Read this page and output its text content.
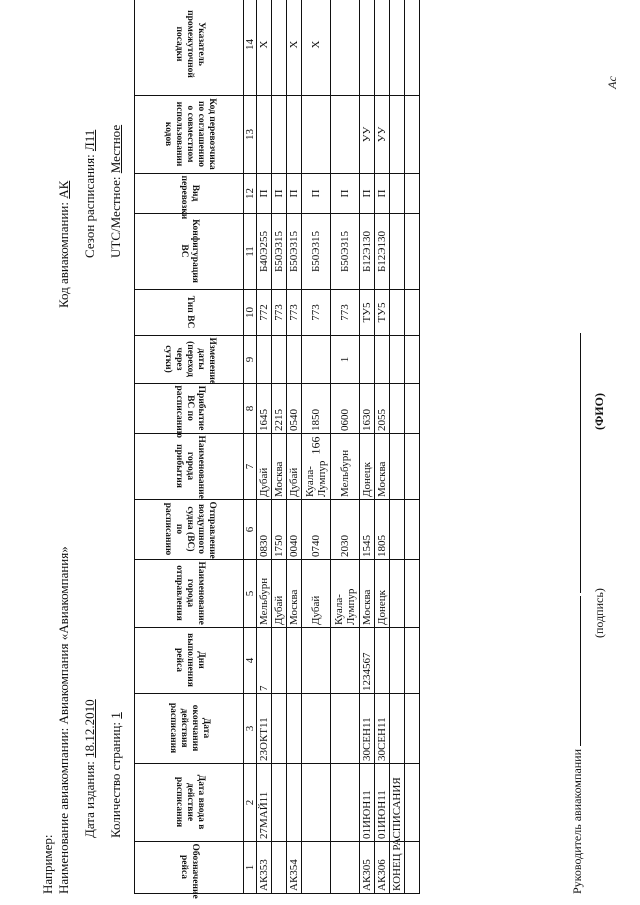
166
Ac
Например: Наименование авиакомпании: Авиакомпания «Авиакомпания» Дата издания: 18.12.2010 Количество страниц: 1
Код авиакомпании: АК Сезон расписания: Л11
UTC/Местное: Местное
Обозначение рейса	Дата ввода в действие расписания	Дата окончания действия расписания	Дни выполнения рейса	Наименование города отправления	Отправление воздушного судна (ВС) по расписанию	Наименование города прибытия	Прибытие ВС по расписанию	Изменение даты (переход через сутки)	Тип ВС	Конфигурация ВС	Вид перевозки	Код перевозчика по соглашению о совместном использовании кодов	Указатель промежуточной посадки
1	2	3	4	5	6	7	8	9	10	11	12	13	14
АК353	27МАЙ11	23ОКТ11	7	Мельбурн	0830	Дубай	1645		772	Б40Э255	П		Х
				Дубай	1750	Москва	2215		773	Б50Э315	П		
АК354				Москва	0040	Дубай	0540		773	Б50Э315	П		Х
				Дубай	0740	Куала-Лумпур	1850		773	Б50Э315	П		Х
				Куала-Лумпур	2030	Мельбурн	0600	1	773	Б50Э315	П		
АК305	01ИЮН11	30СЕН11	1234567	Москва	1545	Донецк	1630		ТУ5	Б12Э130	П	УУ	
АК306	01ИЮН11	30СЕН11		Донецк	1805	Москва	2055		ТУ5	Б12Э130	П	УУ	
КОНЕЦ РАСПИСАНИЯ													
														Руководитель авиакомпании
(подпись)
(ФИО)
